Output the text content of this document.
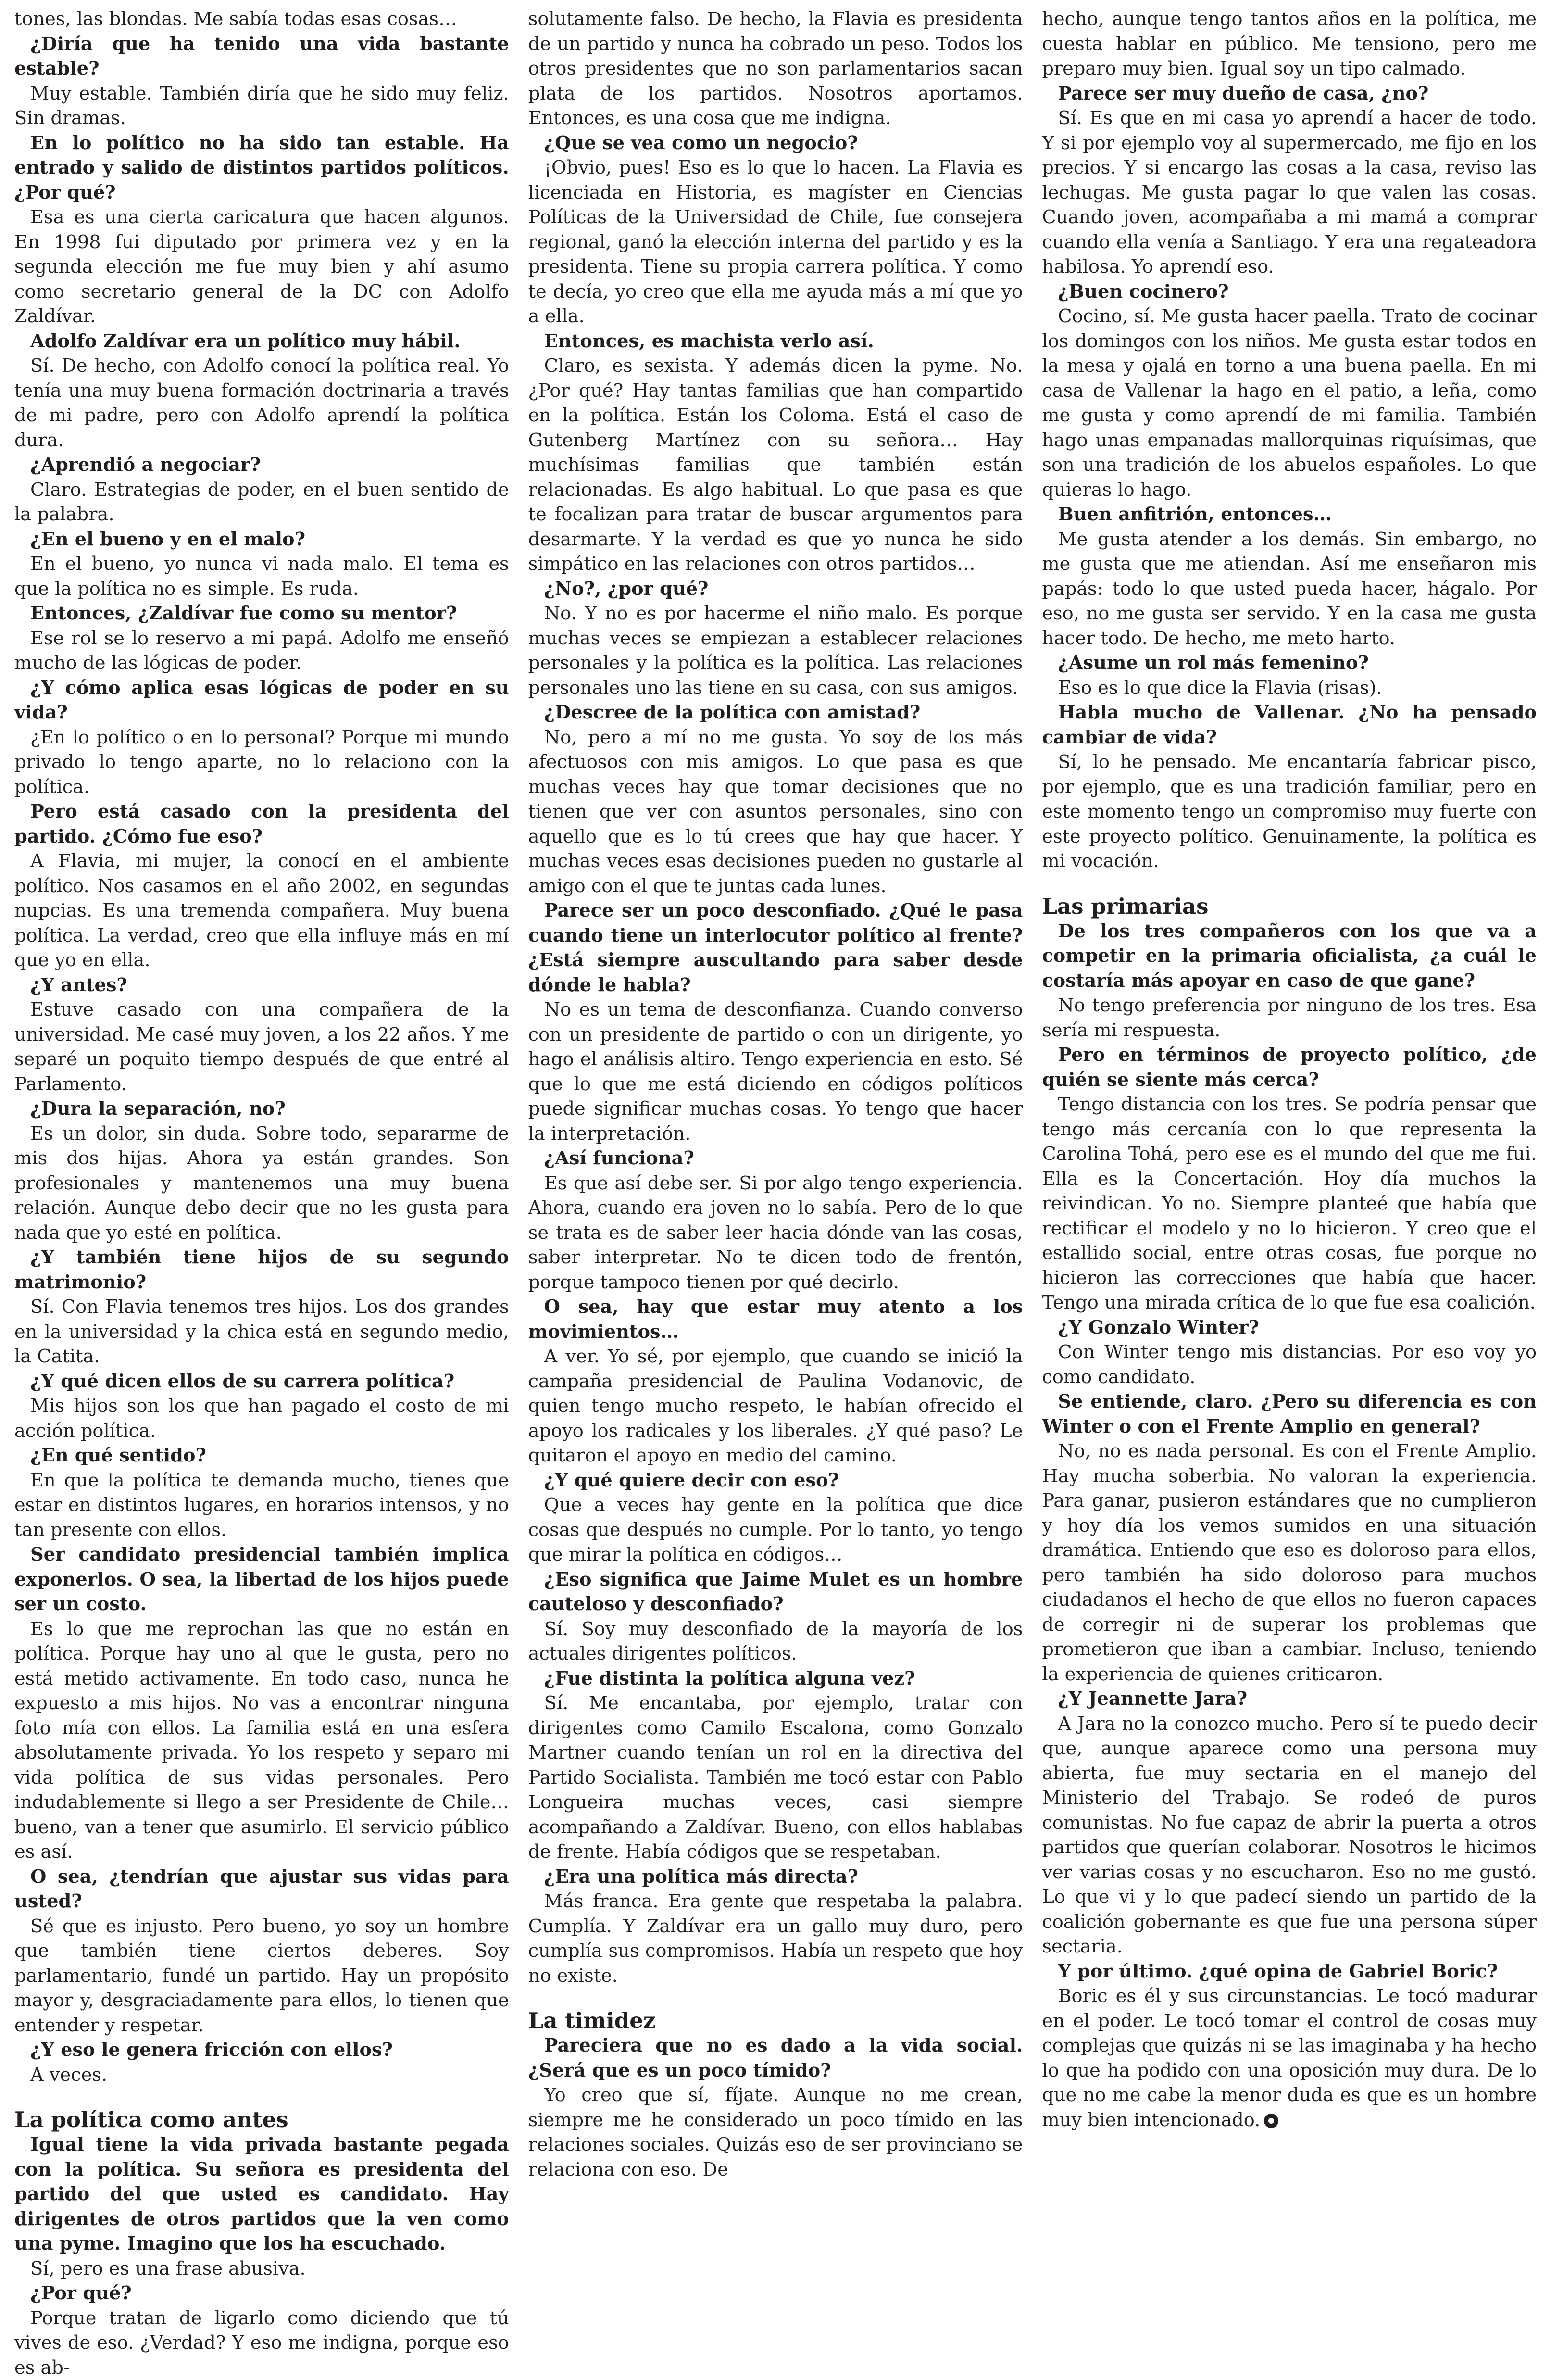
tones, las blondas. Me sabía todas esas cosas…

¿Diría que ha tenido una vida bastante estable?

Muy estable. También diría que he sido muy feliz. Sin dramas.

En lo político no ha sido tan estable. Ha entrado y salido de distintos partidos políticos. ¿Por qué?

Esa es una cierta caricatura que hacen algunos. En 1998 fui diputado por primera vez y en la segunda elección me fue muy bien y ahí asumo como secretario general de la DC con Adolfo Zaldívar.

Adolfo Zaldívar era un político muy hábil.

Sí. De hecho, con Adolfo conocí la política real. Yo tenía una muy buena formación doctrinaria a través de mi padre, pero con Adolfo aprendí la política dura.

¿Aprendió a negociar?

Claro. Estrategias de poder, en el buen sentido de la palabra.

¿En el bueno y en el malo?

En el bueno, yo nunca vi nada malo. El tema es que la política no es simple. Es ruda.

Entonces, ¿Zaldívar fue como su mentor?

Ese rol se lo reservo a mi papá. Adolfo me enseñó mucho de las lógicas de poder.

¿Y cómo aplica esas lógicas de poder en su vida?

¿En lo político o en lo personal? Porque mi mundo privado lo tengo aparte, no lo relaciono con la política.

Pero está casado con la presidenta del partido. ¿Cómo fue eso?

A Flavia, mi mujer, la conocí en el ambiente político. Nos casamos en el año 2002, en segundas nupcias. Es una tremenda compañera. Muy buena política. La verdad, creo que ella influye más en mí que yo en ella.

¿Y antes?

Estuve casado con una compañera de la universidad. Me casé muy joven, a los 22 años. Y me separé un poquito tiempo después de que entré al Parlamento.

¿Dura la separación, no?

Es un dolor, sin duda. Sobre todo, separarme de mis dos hijas. Ahora ya están grandes. Son profesionales y mantenemos una muy buena relación. Aunque debo decir que no les gusta para nada que yo esté en política.

¿Y también tiene hijos de su segundo matrimonio?

Sí. Con Flavia tenemos tres hijos. Los dos grandes en la universidad y la chica está en segundo medio, la Catita.

¿Y qué dicen ellos de su carrera política?

Mis hijos son los que han pagado el costo de mi acción política.

¿En qué sentido?

En que la política te demanda mucho, tienes que estar en distintos lugares, en horarios intensos, y no tan presente con ellos.

Ser candidato presidencial también implica exponerlos. O sea, la libertad de los hijos puede ser un costo.

Es lo que me reprochan las que no están en política. Porque hay uno al que le gusta, pero no está metido activamente. En todo caso, nunca he expuesto a mis hijos. No vas a encontrar ninguna foto mía con ellos. La familia está en una esfera absolutamente privada. Yo los respeto y separo mi vida política de sus vidas personales. Pero indudablemente si llego a ser Presidente de Chile… bueno, van a tener que asumirlo. El servicio público es así.

O sea, ¿tendrían que ajustar sus vidas para usted?

Sé que es injusto. Pero bueno, yo soy un hombre que también tiene ciertos deberes. Soy parlamentario, fundé un partido. Hay un propósito mayor y, desgraciadamente para ellos, lo tienen que entender y respetar.

¿Y eso le genera fricción con ellos?

A veces.

La política como antes

Igual tiene la vida privada bastante pegada con la política. Su señora es presidenta del partido del que usted es candidato. Hay dirigentes de otros partidos que la ven como una pyme. Imagino que los ha escuchado.

Sí, pero es una frase abusiva.

¿Por qué?

Porque tratan de ligarlo como diciendo que tú vives de eso. ¿Verdad? Y eso me indigna, porque eso es ab-

solutamente falso. De hecho, la Flavia es presidenta de un partido y nunca ha cobrado un peso. Todos los otros presidentes que no son parlamentarios sacan plata de los partidos. Nosotros aportamos. Entonces, es una cosa que me indigna.

¿Que se vea como un negocio?

¡Obvio, pues! Eso es lo que lo hacen. La Flavia es licenciada en Historia, es magíster en Ciencias Políticas de la Universidad de Chile, fue consejera regional, ganó la elección interna del partido y es la presidenta. Tiene su propia carrera política. Y como te decía, yo creo que ella me ayuda más a mí que yo a ella.

Entonces, es machista verlo así.

Claro, es sexista. Y además dicen la pyme. No. ¿Por qué? Hay tantas familias que han compartido en la política. Están los Coloma. Está el caso de Gutenberg Martínez con su señora… Hay muchísimas familias que también están relacionadas. Es algo habitual. Lo que pasa es que te focalizan para tratar de buscar argumentos para desarmarte. Y la verdad es que yo nunca he sido simpático en las relaciones con otros partidos…

¿No?, ¿por qué?

No. Y no es por hacerme el niño malo. Es porque muchas veces se empiezan a establecer relaciones personales y la política es la política. Las relaciones personales uno las tiene en su casa, con sus amigos.

¿Descree de la política con amistad?

No, pero a mí no me gusta. Yo soy de los más afectuosos con mis amigos. Lo que pasa es que muchas veces hay que tomar decisiones que no tienen que ver con asuntos personales, sino con aquello que es lo tú crees que hay que hacer. Y muchas veces esas decisiones pueden no gustarle al amigo con el que te juntas cada lunes.

Parece ser un poco desconfiado. ¿Qué le pasa cuando tiene un interlocutor político al frente? ¿Está siempre auscultando para saber desde dónde le habla?

No es un tema de desconfianza. Cuando converso con un presidente de partido o con un dirigente, yo hago el análisis altiro. Tengo experiencia en esto. Sé que lo que me está diciendo en códigos políticos puede significar muchas cosas. Yo tengo que hacer la interpretación.

¿Así funciona?

Es que así debe ser. Si por algo tengo experiencia. Ahora, cuando era joven no lo sabía. Pero de lo que se trata es de saber leer hacia dónde van las cosas, saber interpretar. No te dicen todo de frentón, porque tampoco tienen por qué decirlo.

O sea, hay que estar muy atento a los movimientos…

A ver. Yo sé, por ejemplo, que cuando se inició la campaña presidencial de Paulina Vodanovic, de quien tengo mucho respeto, le habían ofrecido el apoyo los radicales y los liberales. ¿Y qué paso? Le quitaron el apoyo en medio del camino.

¿Y qué quiere decir con eso?

Que a veces hay gente en la política que dice cosas que después no cumple. Por lo tanto, yo tengo que mirar la política en códigos…

¿Eso significa que Jaime Mulet es un hombre cauteloso y desconfiado?

Sí. Soy muy desconfiado de la mayoría de los actuales dirigentes políticos.

¿Fue distinta la política alguna vez?

Sí. Me encantaba, por ejemplo, tratar con dirigentes como Camilo Escalona, como Gonzalo Martner cuando tenían un rol en la directiva del Partido Socialista. También me tocó estar con Pablo Longueira muchas veces, casi siempre acompañando a Zaldívar. Bueno, con ellos hablabas de frente. Había códigos que se respetaban.

¿Era una política más directa?

Más franca. Era gente que respetaba la palabra. Cumplía. Y Zaldívar era un gallo muy duro, pero cumplía sus compromisos. Había un respeto que hoy no existe.

La timidez

Pareciera que no es dado a la vida social. ¿Será que es un poco tímido?

Yo creo que sí, fíjate. Aunque no me crean, siempre me he considerado un poco tímido en las relaciones sociales. Quizás eso de ser provinciano se relaciona con eso. De

hecho, aunque tengo tantos años en la política, me cuesta hablar en público. Me tensiono, pero me preparo muy bien. Igual soy un tipo calmado.

Parece ser muy dueño de casa, ¿no?

Sí. Es que en mi casa yo aprendí a hacer de todo. Y si por ejemplo voy al supermercado, me fijo en los precios. Y si encargo las cosas a la casa, reviso las lechugas. Me gusta pagar lo que valen las cosas. Cuando joven, acompañaba a mi mamá a comprar cuando ella venía a Santiago. Y era una regateadora habilosa. Yo aprendí eso.

¿Buen cocinero?

Cocino, sí. Me gusta hacer paella. Trato de cocinar los domingos con los niños. Me gusta estar todos en la mesa y ojalá en torno a una buena paella. En mi casa de Vallenar la hago en el patio, a leña, como me gusta y como aprendí de mi familia. También hago unas empanadas mallorquinas riquísimas, que son una tradición de los abuelos españoles. Lo que quieras lo hago.

Buen anfitrión, entonces…

Me gusta atender a los demás. Sin embargo, no me gusta que me atiendan. Así me enseñaron mis papás: todo lo que usted pueda hacer, hágalo. Por eso, no me gusta ser servido. Y en la casa me gusta hacer todo. De hecho, me meto harto.

¿Asume un rol más femenino?

Eso es lo que dice la Flavia (risas).

Habla mucho de Vallenar. ¿No ha pensado cambiar de vida?

Sí, lo he pensado. Me encantaría fabricar pisco, por ejemplo, que es una tradición familiar, pero en este momento tengo un compromiso muy fuerte con este proyecto político. Genuinamente, la política es mi vocación.

Las primarias

De los tres compañeros con los que va a competir en la primaria oficialista, ¿a cuál le costaría más apoyar en caso de que gane?

No tengo preferencia por ninguno de los tres. Esa sería mi respuesta.

Pero en términos de proyecto político, ¿de quién se siente más cerca?

Tengo distancia con los tres. Se podría pensar que tengo más cercanía con lo que representa la Carolina Tohá, pero ese es el mundo del que me fui. Ella es la Concertación. Hoy día muchos la reivindican. Yo no. Siempre planteé que había que rectificar el modelo y no lo hicieron. Y creo que el estallido social, entre otras cosas, fue porque no hicieron las correcciones que había que hacer. Tengo una mirada crítica de lo que fue esa coalición.

¿Y Gonzalo Winter?

Con Winter tengo mis distancias. Por eso voy yo como candidato.

Se entiende, claro. ¿Pero su diferencia es con Winter o con el Frente Amplio en general?

No, no es nada personal. Es con el Frente Amplio. Hay mucha soberbia. No valoran la experiencia. Para ganar, pusieron estándares que no cumplieron y hoy día los vemos sumidos en una situación dramática. Entiendo que eso es doloroso para ellos, pero también ha sido doloroso para muchos ciudadanos el hecho de que ellos no fueron capaces de corregir ni de superar los problemas que prometieron que iban a cambiar. Incluso, teniendo la experiencia de quienes criticaron.

¿Y Jeannette Jara?

A Jara no la conozco mucho. Pero sí te puedo decir que, aunque aparece como una persona muy abierta, fue muy sectaria en el manejo del Ministerio del Trabajo. Se rodeó de puros comunistas. No fue capaz de abrir la puerta a otros partidos que querían colaborar. Nosotros le hicimos ver varias cosas y no escucharon. Eso no me gustó. Lo que vi y lo que padecí siendo un partido de la coalición gobernante es que fue una persona súper sectaria.

Y por último. ¿qué opina de Gabriel Boric?

Boric es él y sus circunstancias. Le tocó madurar en el poder. Le tocó tomar el control de cosas muy complejas que quizás ni se las imaginaba y ha hecho lo que ha podido con una oposición muy dura. De lo que no me cabe la menor duda es que es un hombre muy bien intencionado.
